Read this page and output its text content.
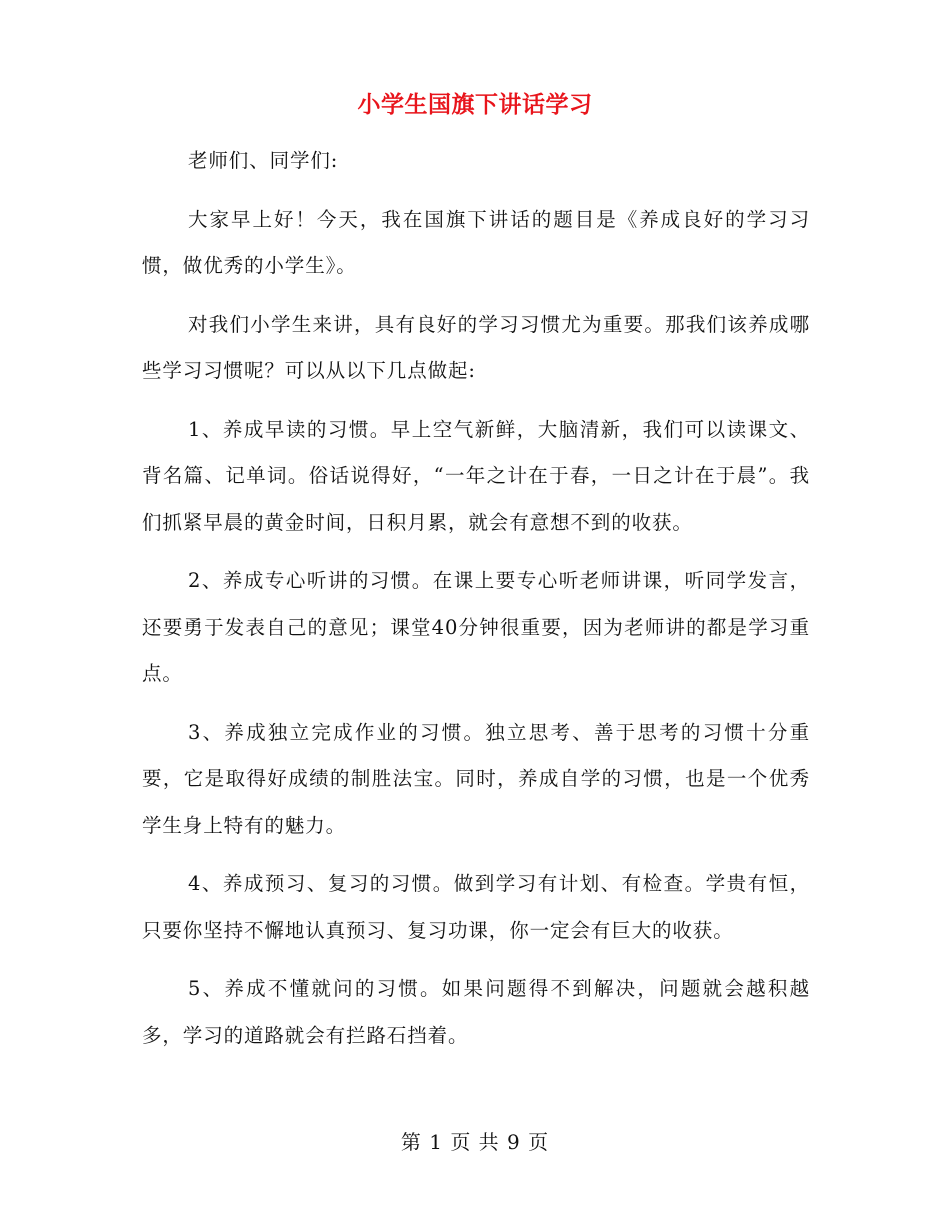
小学生国旗下讲话学习

老师们、同学们:

大家早上好！今天，我在国旗下讲话的题目是《养成良好的学习习惯，做优秀的小学生》。

对我们小学生来讲，具有良好的学习习惯尤为重要。那我们该养成哪些学习习惯呢？可以从以下几点做起:

1、养成早读的习惯。早上空气新鲜，大脑清新，我们可以读课文、背名篇、记单词。俗话说得好，“一年之计在于春，一日之计在于晨”。我们抓紧早晨的黄金时间，日积月累，就会有意想不到的收获。

2、养成专心听讲的习惯。在课上要专心听老师讲课，听同学发言，还要勇于发表自己的意见；课堂40分钟很重要，因为老师讲的都是学习重点。

3、养成独立完成作业的习惯。独立思考、善于思考的习惯十分重要，它是取得好成绩的制胜法宝。同时，养成自学的习惯，也是一个优秀学生身上特有的魅力。

4、养成预习、复习的习惯。做到学习有计划、有检查。学贵有恒，只要你坚持不懈地认真预习、复习功课，你一定会有巨大的收获。

5、养成不懂就问的习惯。如果问题得不到解决，问题就会越积越多，学习的道路就会有拦路石挡着。

第 1 页 共 9 页
